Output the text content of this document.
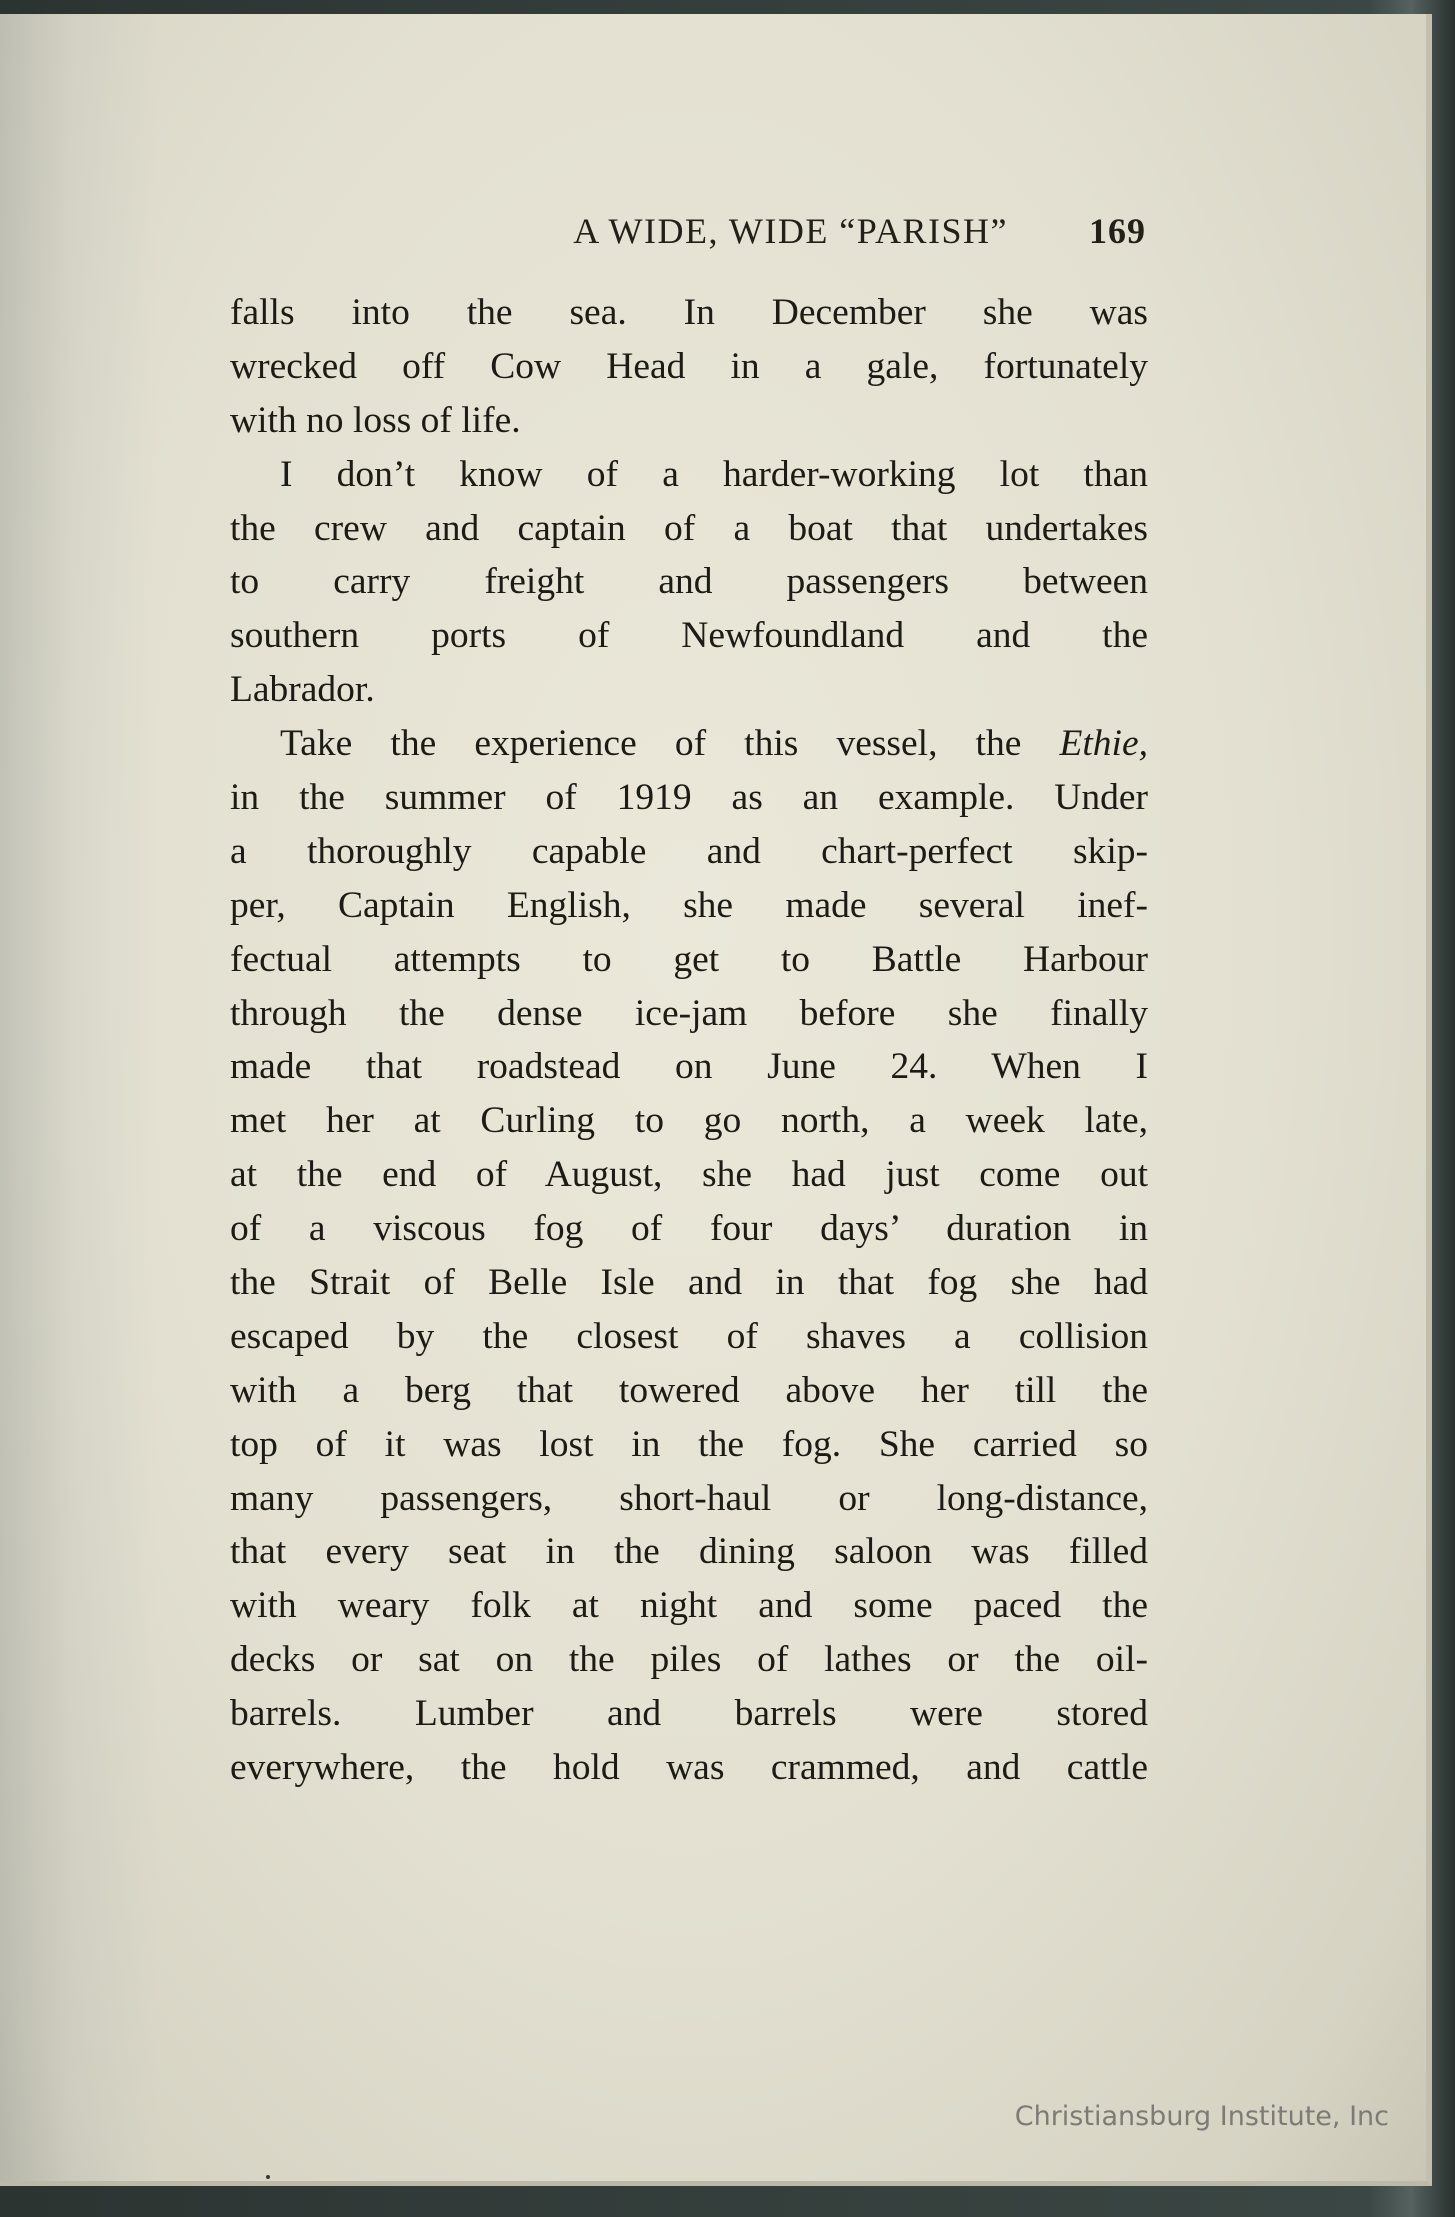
A WIDE, WIDE “PARISH” 169
falls into the sea. In December she was
wrecked off Cow Head in a gale, fortunately
with no loss of life.
I don’t know of a harder-working lot than
the crew and captain of a boat that undertakes
to carry freight and passengers between
southern ports of Newfoundland and the
Labrador.
Take the experience of this vessel, the Ethie,
in the summer of 1919 as an example. Under
a thoroughly capable and chart-perfect skip-
per, Captain English, she made several inef-
fectual attempts to get to Battle Harbour
through the dense ice-jam before she finally
made that roadstead on June 24. When I
met her at Curling to go north, a week late,
at the end of August, she had just come out
of a viscous fog of four days’ duration in
the Strait of Belle Isle and in that fog she had
escaped by the closest of shaves a collision
with a berg that towered above her till the
top of it was lost in the fog. She carried so
many passengers, short-haul or long-distance,
that every seat in the dining saloon was filled
with weary folk at night and some paced the
decks or sat on the piles of lathes or the oil-
barrels. Lumber and barrels were stored
everywhere, the hold was crammed, and cattle
Christiansburg Institute, Inc
